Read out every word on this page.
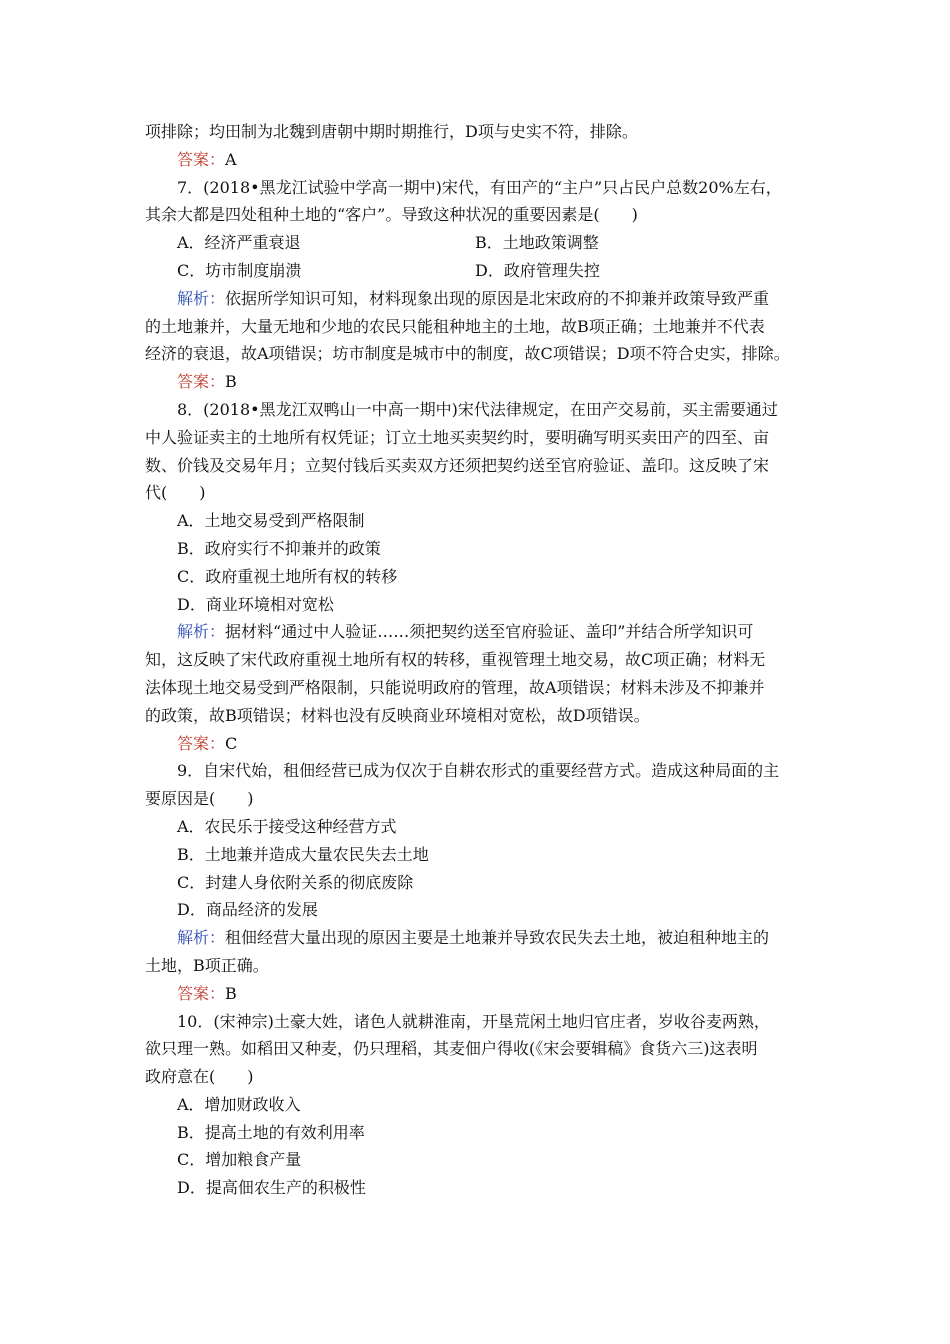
项排除；均田制为北魏到唐朝中期时期推行，D项与史实不符，排除。
答案：A
7．(2018•黑龙江试验中学高一期中)宋代，有田产的“主户”只占民户总数20%左右，
其余大都是四处租种土地的“客户”。导致这种状况的重要因素是(　　)
A．经济严重衰退	B．土地政策调整
C．坊市制度崩溃	D．政府管理失控
解析：依据所学知识可知，材料现象出现的原因是北宋政府的不抑兼并政策导致严重
的土地兼并，大量无地和少地的农民只能租种地主的土地，故B项正确；土地兼并不代表
经济的衰退，故A项错误；坊市制度是城市中的制度，故C项错误；D项不符合史实，排除。
答案：B
8．(2018•黑龙江双鸭山一中高一期中)宋代法律规定，在田产交易前，买主需要通过
中人验证卖主的土地所有权凭证；订立土地买卖契约时，要明确写明买卖田产的四至、亩
数、价钱及交易年月；立契付钱后买卖双方还须把契约送至官府验证、盖印。这反映了宋
代(　　)
A．土地交易受到严格限制
B．政府实行不抑兼并的政策
C．政府重视土地所有权的转移
D．商业环境相对宽松
解析：据材料“通过中人验证……须把契约送至官府验证、盖印”并结合所学知识可
知，这反映了宋代政府重视土地所有权的转移，重视管理土地交易，故C项正确；材料无
法体现土地交易受到严格限制，只能说明政府的管理，故A项错误；材料未涉及不抑兼并
的政策，故B项错误；材料也没有反映商业环境相对宽松，故D项错误。
答案：C
9．自宋代始，租佃经营已成为仅次于自耕农形式的重要经营方式。造成这种局面的主
要原因是(　　)
A．农民乐于接受这种经营方式
B．土地兼并造成大量农民失去土地
C．封建人身依附关系的彻底废除
D．商品经济的发展
解析：租佃经营大量出现的原因主要是土地兼并导致农民失去土地，被迫租种地主的
土地，B项正确。
答案：B
10．(宋神宗)土豪大姓，诸色人就耕淮南，开垦荒闲土地归官庄者，岁收谷麦两熟，
欲只理一熟。如稻田又种麦，仍只理稻，其麦佃户得收(《宋会要辑稿》食货六三)这表明
政府意在(　　)
A．增加财政收入
B．提高土地的有效利用率
C．增加粮食产量
D．提高佃农生产的积极性
